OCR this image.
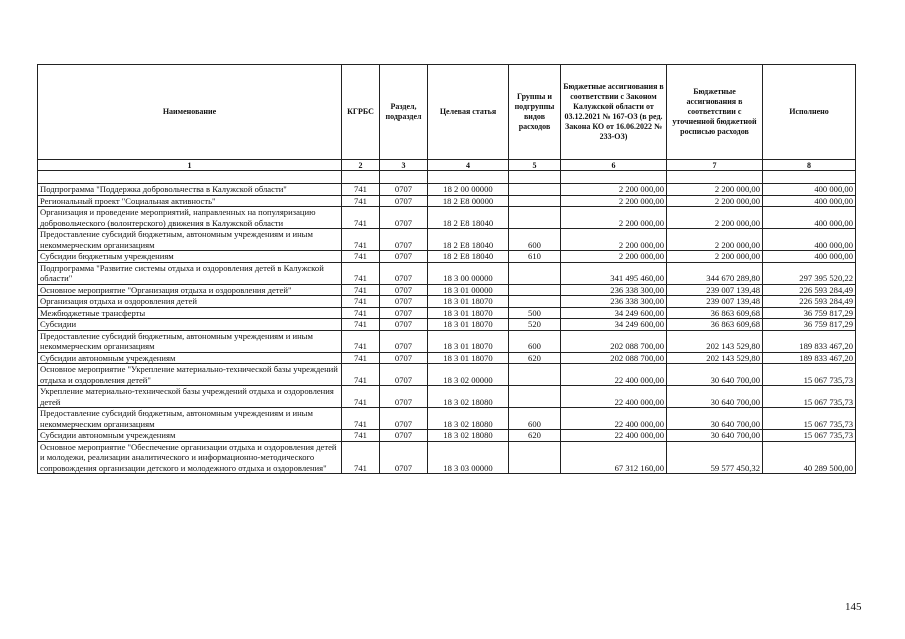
Наименование	КГРБС	Раздел, подраздел	Целевая статья	Группы и подгруппы видов расходов	Бюджетные ассигнования в соответствии с Законом Калужской области от 03.12.2021 № 167-ОЗ (в ред. Закона КО от 16.06.2022 № 233-ОЗ)	Бюджетные ассигнования в соответствии с уточненной бюджетной росписью расходов	Исполнено
1	2	3	4	5	6	7	8

Подпрограмма "Поддержка добровольчества в Калужской области"	741	0707	18 2 00 00000		2 200 000,00	2 200 000,00	400 000,00
Региональный проект "Социальная активность"	741	0707	18 2 E8 00000		2 200 000,00	2 200 000,00	400 000,00
Организация и проведение мероприятий, направленных на популяризацию добровольческого (волонтерского) движения в Калужской области	741	0707	18 2 E8 18040		2 200 000,00	2 200 000,00	400 000,00
Предоставление субсидий бюджетным, автономным учреждениям и иным некоммерческим организациям	741	0707	18 2 E8 18040	600	2 200 000,00	2 200 000,00	400 000,00
Субсидии бюджетным учреждениям	741	0707	18 2 E8 18040	610	2 200 000,00	2 200 000,00	400 000,00
Подпрограмма "Развитие системы отдыха и оздоровления детей в Калужской области"	741	0707	18 3 00 00000		341 495 460,00	344 670 289,80	297 395 520,22
Основное мероприятие "Организация отдыха и оздоровления детей"	741	0707	18 3 01 00000		236 338 300,00	239 007 139,48	226 593 284,49
Организация отдыха и оздоровления детей	741	0707	18 3 01 18070		236 338 300,00	239 007 139,48	226 593 284,49
Межбюджетные трансферты	741	0707	18 3 01 18070	500	34 249 600,00	36 863 609,68	36 759 817,29
Субсидии	741	0707	18 3 01 18070	520	34 249 600,00	36 863 609,68	36 759 817,29
Предоставление субсидий бюджетным, автономным учреждениям и иным некоммерческим организациям	741	0707	18 3 01 18070	600	202 088 700,00	202 143 529,80	189 833 467,20
Субсидии автономным учреждениям	741	0707	18 3 01 18070	620	202 088 700,00	202 143 529,80	189 833 467,20
Основное мероприятие "Укрепление материально-технической базы учреждений отдыха и оздоровления детей"	741	0707	18 3 02 00000		22 400 000,00	30 640 700,00	15 067 735,73
Укрепление материально-технической базы учреждений отдыха и оздоровления детей	741	0707	18 3 02 18080		22 400 000,00	30 640 700,00	15 067 735,73
Предоставление субсидий бюджетным, автономным учреждениям и иным некоммерческим организациям	741	0707	18 3 02 18080	600	22 400 000,00	30 640 700,00	15 067 735,73
Субсидии автономным учреждениям	741	0707	18 3 02 18080	620	22 400 000,00	30 640 700,00	15 067 735,73
Основное мероприятие "Обеспечение организации отдыха и оздоровления детей и молодежи, реализации аналитического и информационно-методического сопровождения организации детского и молодежного отдыха и оздоровления"	741	0707	18 3 03 00000		67 312 160,00	59 577 450,32	40 289 500,00
145
